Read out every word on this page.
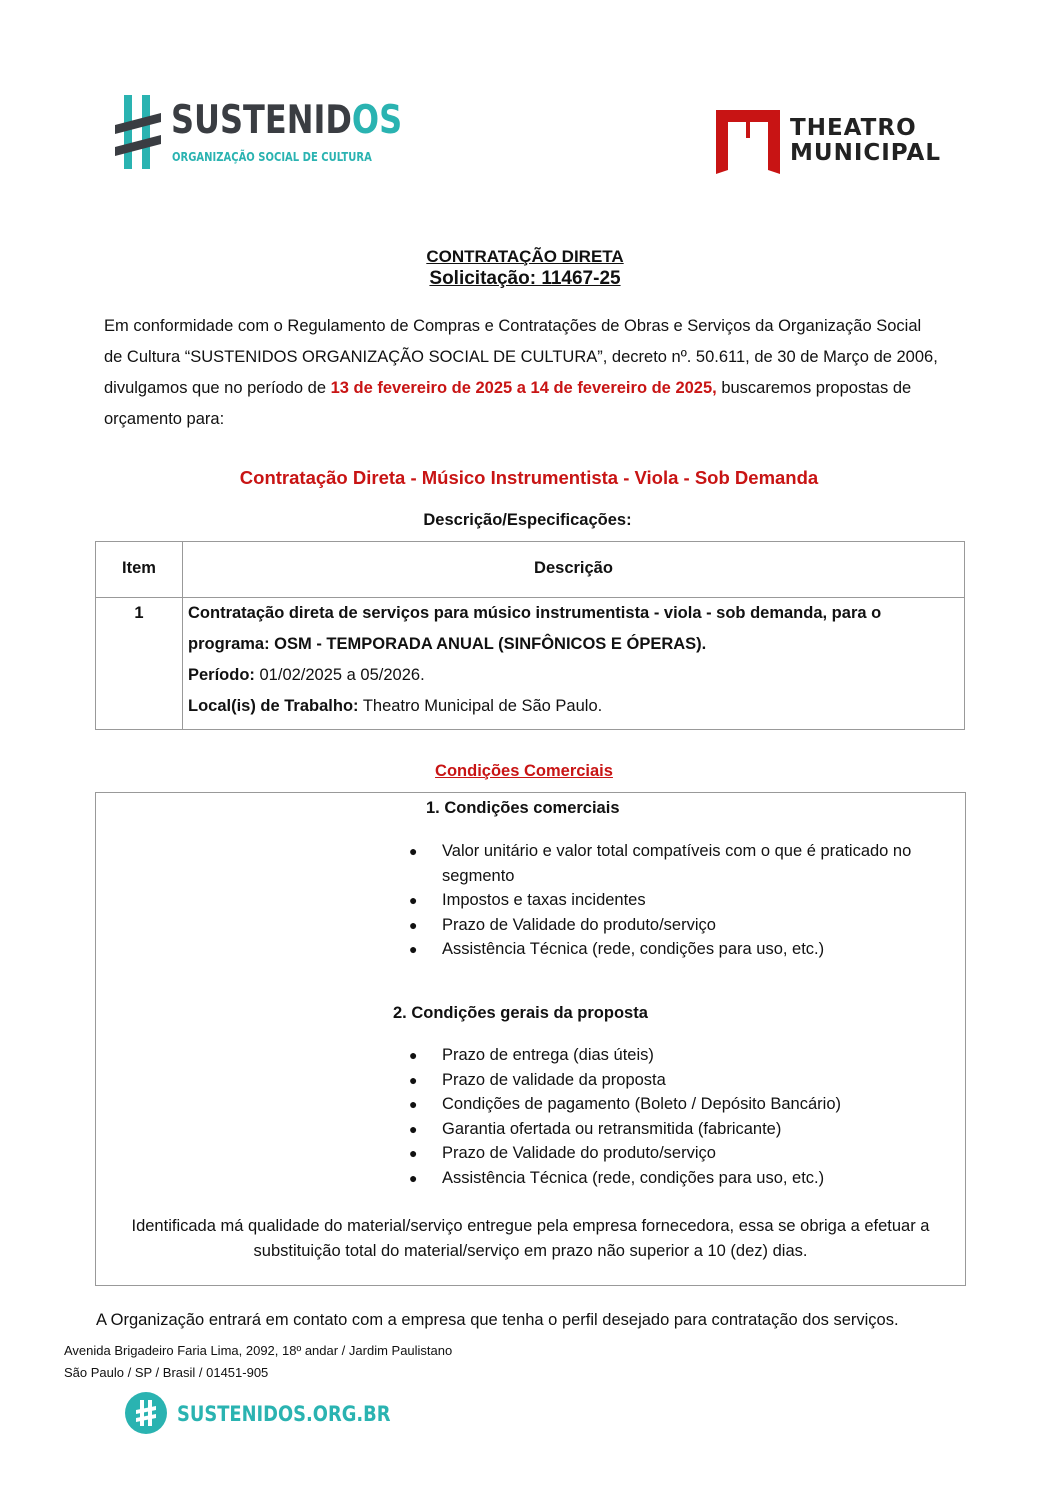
SUSTENIDOS
ORGANIZAÇÃO SOCIAL DE CULTURA
THEATRO
MUNICIPAL
CONTRATAÇÃO DIRETA
Solicitação: 11467-25
Em conformidade com o Regulamento de Compras e Contratações de Obras e Serviços da Organização Social de Cultura “SUSTENIDOS ORGANIZAÇÃO SOCIAL DE CULTURA”, decreto nº. 50.611, de 30 de Março de 2006, divulgamos que no período de 13 de fevereiro de 2025 a 14 de fevereiro de 2025, buscaremos propostas de orçamento para:
Contratação Direta - Músico Instrumentista - Viola - Sob Demanda
Descrição/Especificações:
Item	Descrição
1	Contratação direta de serviços para músico instrumentista - viola - sob demanda, para o programa: OSM - TEMPORADA ANUAL (SINFÔNICOS E ÓPERAS).
Período: 01/02/2025 a 05/2026.
Local(is) de Trabalho: Theatro Municipal de São Paulo.
Condições Comerciais
1. Condições comerciais
● Valor unitário e valor total compatíveis com o que é praticado no segmento
● Impostos e taxas incidentes
● Prazo de Validade do produto/serviço
● Assistência Técnica (rede, condições para uso, etc.)
2. Condições gerais da proposta
● Prazo de entrega (dias úteis)
● Prazo de validade da proposta
● Condições de pagamento (Boleto / Depósito Bancário)
● Garantia ofertada ou retransmitida (fabricante)
● Prazo de Validade do produto/serviço
● Assistência Técnica (rede, condições para uso, etc.)
Identificada má qualidade do material/serviço entregue pela empresa fornecedora, essa se obriga a efetuar a substituição total do material/serviço em prazo não superior a 10 (dez) dias.
A Organização entrará em contato com a empresa que tenha o perfil desejado para contratação dos serviços.
Avenida Brigadeiro Faria Lima, 2092, 18º andar / Jardim Paulistano
São Paulo / SP / Brasil / 01451-905
SUSTENIDOS.ORG.BR
